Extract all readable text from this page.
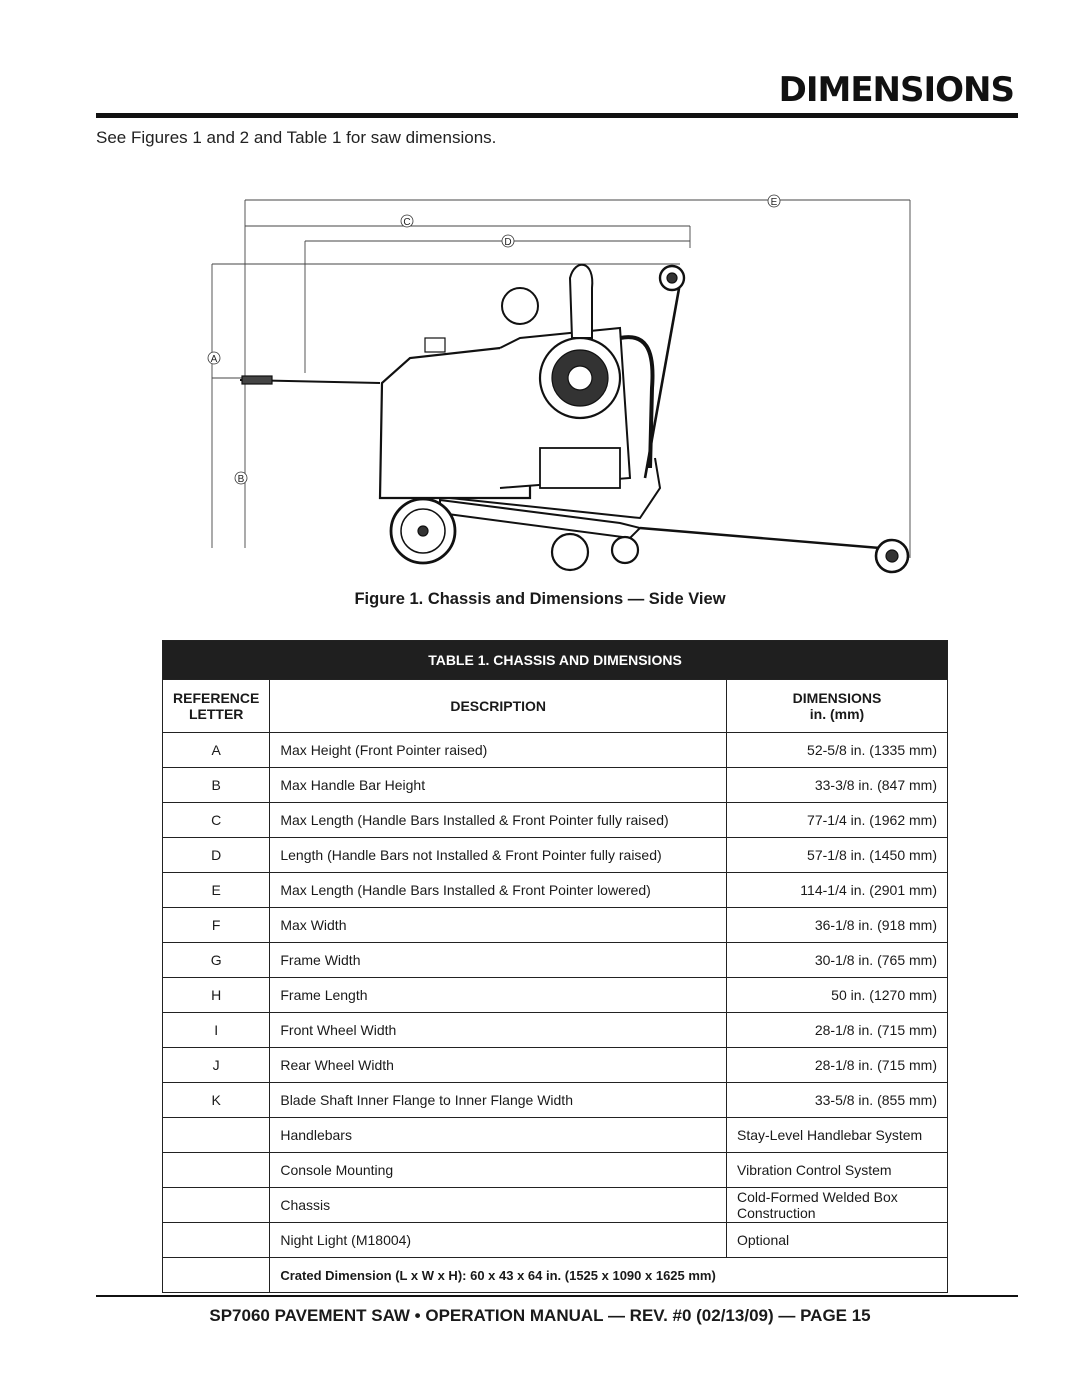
DIMENSIONS
See Figures 1 and 2 and Table 1 for saw dimensions.
E
C
D
A
B
Figure 1. Chassis and Dimensions — Side View
TABLE 1. CHASSIS AND DIMENSIONS		
REFERENCE
LETTER	DESCRIPTION	DIMENSIONS
in. (mm)
A	Max Height (Front Pointer raised)	52-5/8 in. (1335 mm)
B	Max Handle Bar Height	33-3/8 in. (847 mm)
C	Max Length (Handle Bars Installed & Front Pointer fully raised)	77-1/4 in. (1962 mm)
D	Length (Handle Bars not Installed & Front Pointer fully raised)	57-1/8 in. (1450 mm)
E	Max Length (Handle Bars Installed & Front Pointer lowered)	114-1/4 in. (2901 mm)
F	Max Width	36-1/8 in. (918 mm)
G	Frame Width	30-1/8 in. (765 mm)
H	Frame Length	50 in. (1270 mm)
I	Front Wheel Width	28-1/8 in. (715 mm)
J	Rear Wheel Width	28-1/8 in. (715 mm)
K	Blade Shaft Inner Flange to Inner Flange Width	33-5/8 in. (855 mm)
	Handlebars	Stay-Level Handlebar System
	Console Mounting	Vibration Control System
	Chassis	Cold-Formed Welded Box Construction
	Night Light (M18004)	Optional
	Crated Dimension (L x W x H): 60 x 43 x 64 in. (1525 x 1090 x 1625 mm)	
SP7060 PAVEMENT SAW • OPERATION MANUAL — REV. #0 (02/13/09) — PAGE 15
